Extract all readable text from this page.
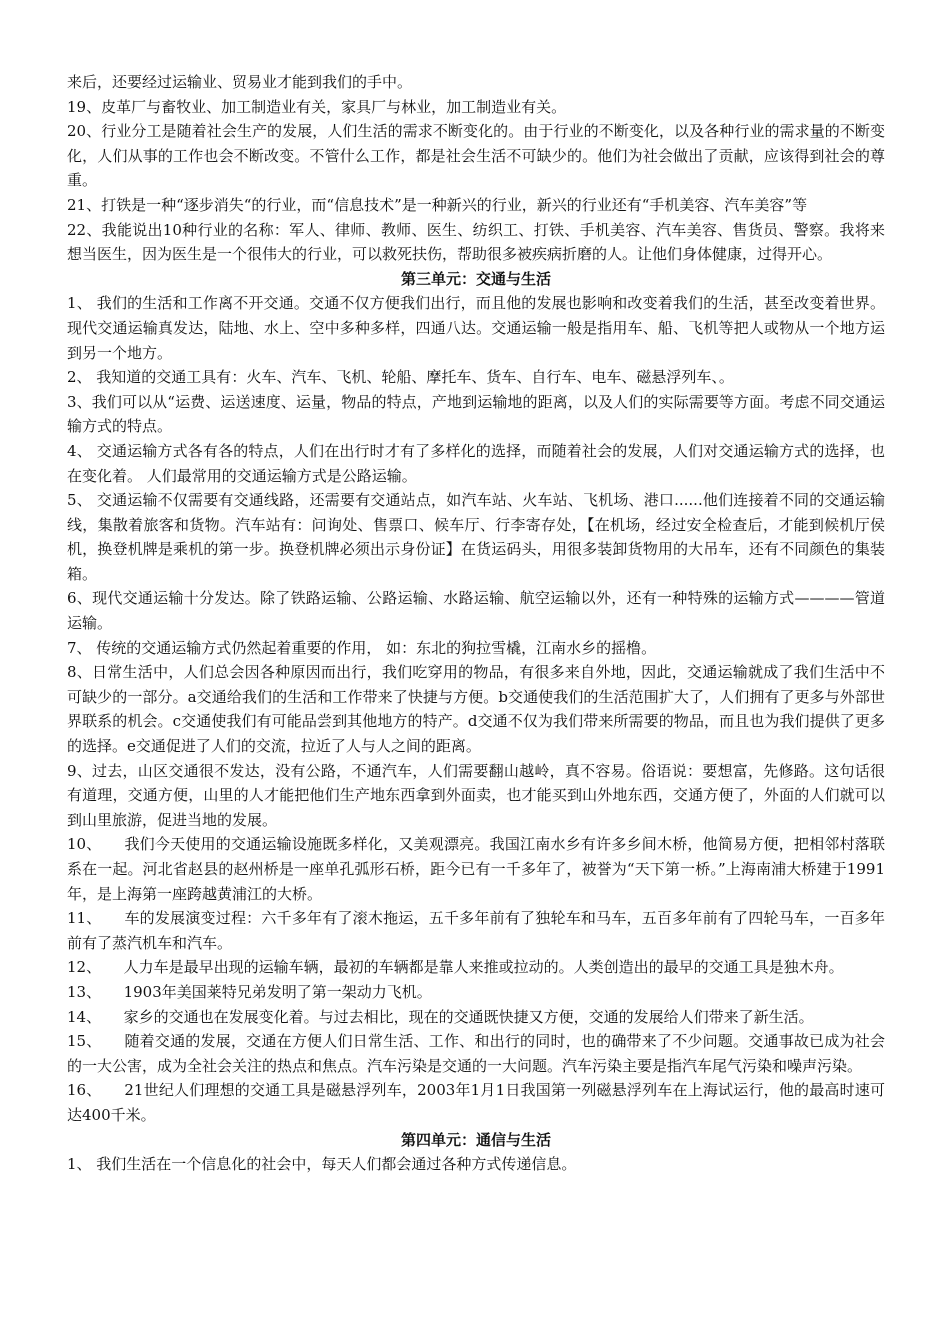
来后，还要经过运输业、贸易业才能到我们的手中。

19、皮革厂与畜牧业、加工制造业有关，家具厂与林业，加工制造业有关。

20、行业分工是随着社会生产的发展，人们生活的需求不断变化的。由于行业的不断变化，以及各种行业的需求量的不断变化，人们从事的工作也会不断改变。不管什么工作，都是社会生活不可缺少的。他们为社会做出了贡献，应该得到社会的尊重。

21、打铁是一种“逐步消失“的行业，而“信息技术”是一种新兴的行业，新兴的行业还有“手机美容、汽车美容”等

22、我能说出10种行业的名称：军人、律师、教师、医生、纺织工、打铁、手机美容、汽车美容、售货员、警察。我将来想当医生，因为医生是一个很伟大的行业，可以救死扶伤，帮助很多被疾病折磨的人。让他们身体健康，过得开心。

第三单元：交通与生活

1、 我们的生活和工作离不开交通。交通不仅方便我们出行，而且他的发展也影响和改变着我们的生活，甚至改变着世界。现代交通运输真发达，陆地、水上、空中多种多样，四通八达。交通运输一般是指用车、船、飞机等把人或物从一个地方运到另一个地方。

2、 我知道的交通工具有：火车、汽车、飞机、轮船、摩托车、货车、自行车、电车、磁悬浮列车、。

3、我们可以从“运费、运送速度、运量，物品的特点，产地到运输地的距离，以及人们的实际需要等方面。考虑不同交通运输方式的特点。

4、 交通运输方式各有各的特点，人们在出行时才有了多样化的选择，而随着社会的发展，人们对交通运输方式的选择，也在变化着。 人们最常用的交通运输方式是公路运输。

5、 交通运输不仅需要有交通线路，还需要有交通站点，如汽车站、火车站、飞机场、港口......他们连接着不同的交通运输线，集散着旅客和货物。汽车站有：问询处、售票口、候车厅、行李寄存处，【在机场，经过安全检查后，才能到候机厅侯机，换登机牌是乘机的第一步。换登机牌必须出示身份证】在货运码头，用很多装卸货物用的大吊车，还有不同颜色的集装箱。

6、现代交通运输十分发达。除了铁路运输、公路运输、水路运输、航空运输以外，还有一种特殊的运输方式————管道运输。

7、 传统的交通运输方式仍然起着重要的作用， 如：东北的狗拉雪橇，江南水乡的摇橹。

8、日常生活中，人们总会因各种原因而出行，我们吃穿用的物品，有很多来自外地，因此，交通运输就成了我们生活中不可缺少的一部分。a交通给我们的生活和工作带来了快捷与方便。b交通使我们的生活范围扩大了，人们拥有了更多与外部世界联系的机会。c交通使我们有可能品尝到其他地方的特产。d交通不仅为我们带来所需要的物品，而且也为我们提供了更多的选择。e交通促进了人们的交流，拉近了人与人之间的距离。

9、过去，山区交通很不发达，没有公路，不通汽车，人们需要翻山越岭，真不容易。俗语说：要想富，先修路。这句话很有道理，交通方便，山里的人才能把他们生产地东西拿到外面卖，也才能买到山外地东西，交通方便了，外面的人们就可以到山里旅游，促进当地的发展。

10、　　我们今天使用的交通运输设施既多样化，又美观漂亮。我国江南水乡有许多乡间木桥，他简易方便，把相邻村落联系在一起。河北省赵县的赵州桥是一座单孔弧形石桥，距今已有一千多年了，被誉为“天下第一桥。”上海南浦大桥建于1991年，是上海第一座跨越黄浦江的大桥。

11、　　车的发展演变过程：六千多年有了滚木拖运，五千多年前有了独轮车和马车，五百多年前有了四轮马车，一百多年前有了蒸汽机车和汽车。

12、　　人力车是最早出现的运输车辆，最初的车辆都是靠人来推或拉动的。人类创造出的最早的交通工具是独木舟。

13、　　1903年美国莱特兄弟发明了第一架动力飞机。

14、　　家乡的交通也在发展变化着。与过去相比，现在的交通既快捷又方便，交通的发展给人们带来了新生活。

15、　　随着交通的发展，交通在方便人们日常生活、工作、和出行的同时，也的确带来了不少问题。交通事故已成为社会的一大公害，成为全社会关注的热点和焦点。汽车污染是交通的一大问题。汽车污染主要是指汽车尾气污染和噪声污染。

16、　　21世纪人们理想的交通工具是磁悬浮列车，2003年1月1日我国第一列磁悬浮列车在上海试运行，他的最高时速可达400千米。

第四单元：通信与生活

1、 我们生活在一个信息化的社会中，每天人们都会通过各种方式传递信息。
